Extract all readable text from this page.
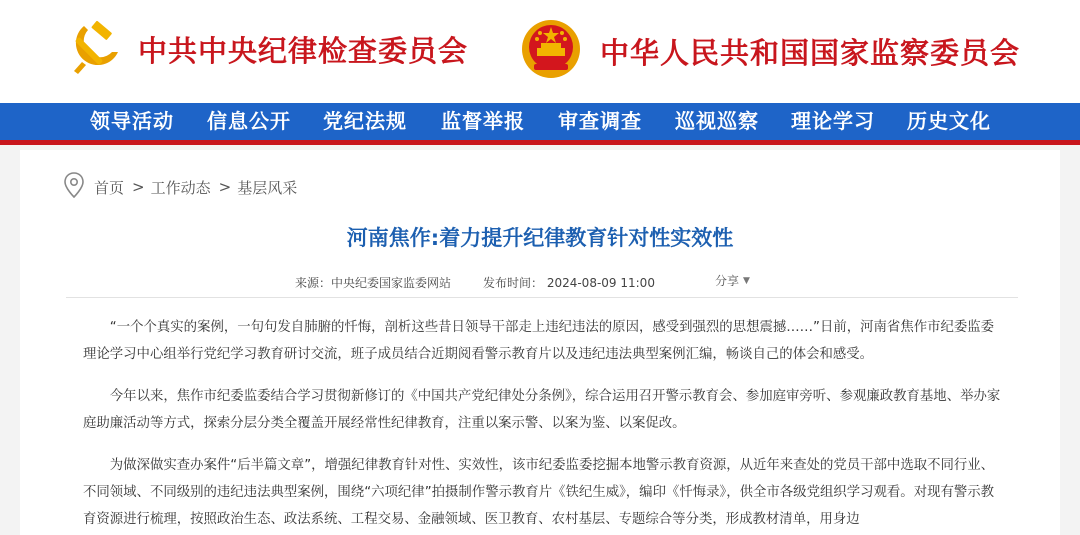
中共中央纪律检查委员会	中华人民共和国国家监察委员会
领导活动 信息公开 党纪法规 监督举报 审查调查 巡视巡察 理论学习 历史文化
首页 > 工作动态 > 基层风采
河南焦作:着力提升纪律教育针对性实效性
来源：中央纪委国家监委网站	发布时间： 2024-08-09 11:00	分享 ▼

“一个个真实的案例，一句句发自肺腑的忏悔，剖析这些昔日领导干部走上违纪违法的原因，感受到强烈的思想震撼……”日前，河南省焦作市纪委监委理论学习中心组举行党纪学习教育研讨交流，班子成员结合近期阅看警示教育片以及违纪违法典型案例汇编，畅谈自己的体会和感受。

今年以来，焦作市纪委监委结合学习贯彻新修订的《中国共产党纪律处分条例》，综合运用召开警示教育会、参加庭审旁听、参观廉政教育基地、举办家庭助廉活动等方式，探索分层分类全覆盖开展经常性纪律教育，注重以案示警、以案为鉴、以案促改。

为做深做实查办案件“后半篇文章”，增强纪律教育针对性、实效性，该市纪委监委挖掘本地警示教育资源，从近年来查处的党员干部中选取不同行业、不同领域、不同级别的违纪违法典型案例，围绕“六项纪律”拍摄制作警示教育片《铁纪生威》，编印《忏悔录》，供全市各级党组织学习观看。对现有警示教育资源进行梳理，按照政治生态、政法系统、工程交易、金融领域、医卫教育、农村基层、专题综合等分类，形成教材清单，用身边
